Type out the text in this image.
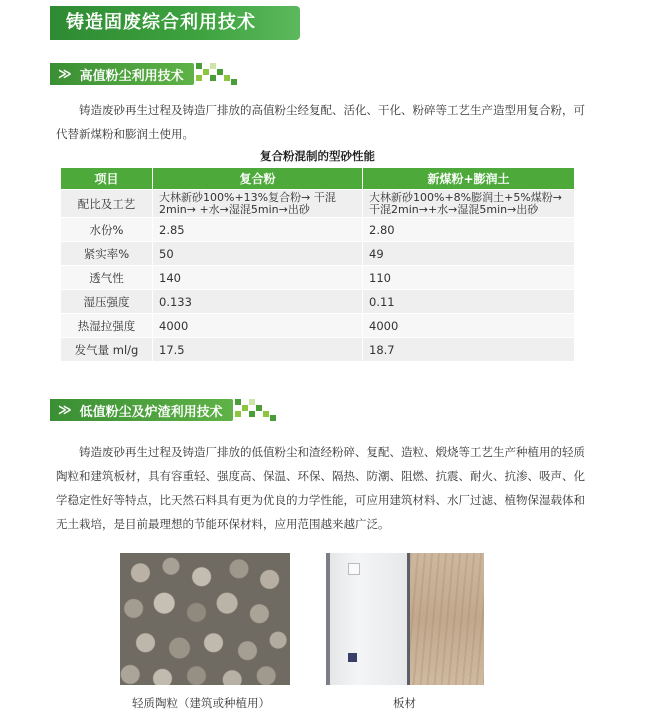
铸造固废综合利用技术
≫ 高值粉尘利用技术
铸造废砂再生过程及铸造厂排放的高值粉尘经复配、活化、干化、粉碎等工艺生产造型用复合粉，可代替新煤粉和膨润土使用。
复合粉混制的型砂性能
项目	复合粉	新煤粉+膨润土
配比及工艺	大林新砂100%+13%复合粉→ 干混2min→ +水→湿混5min→出砂	大林新砂100%+8%膨润土+5%煤粉→ 干混2min→+水→湿混5min→出砂
水份%	2.85	2.80
紧实率%	50	49
透气性	140	110
湿压强度	0.133	0.11
热湿拉强度	4000	4000
发气量 ml/g	17.5	18.7
≫ 低值粉尘及炉渣利用技术
铸造废砂再生过程及铸造厂排放的低值粉尘和渣经粉碎、复配、造粒、煅烧等工艺生产种植用的轻质陶粒和建筑板材，具有容重轻、强度高、保温、环保、隔热、防潮、阻燃、抗震、耐火、抗渗、吸声、化学稳定性好等特点，比天然石料具有更为优良的力学性能，可应用建筑材料、水厂过滤、植物保湿载体和无土栽培，是目前最理想的节能环保材料，应用范围越来越广泛。
轻质陶粒（建筑或种植用）	板材
